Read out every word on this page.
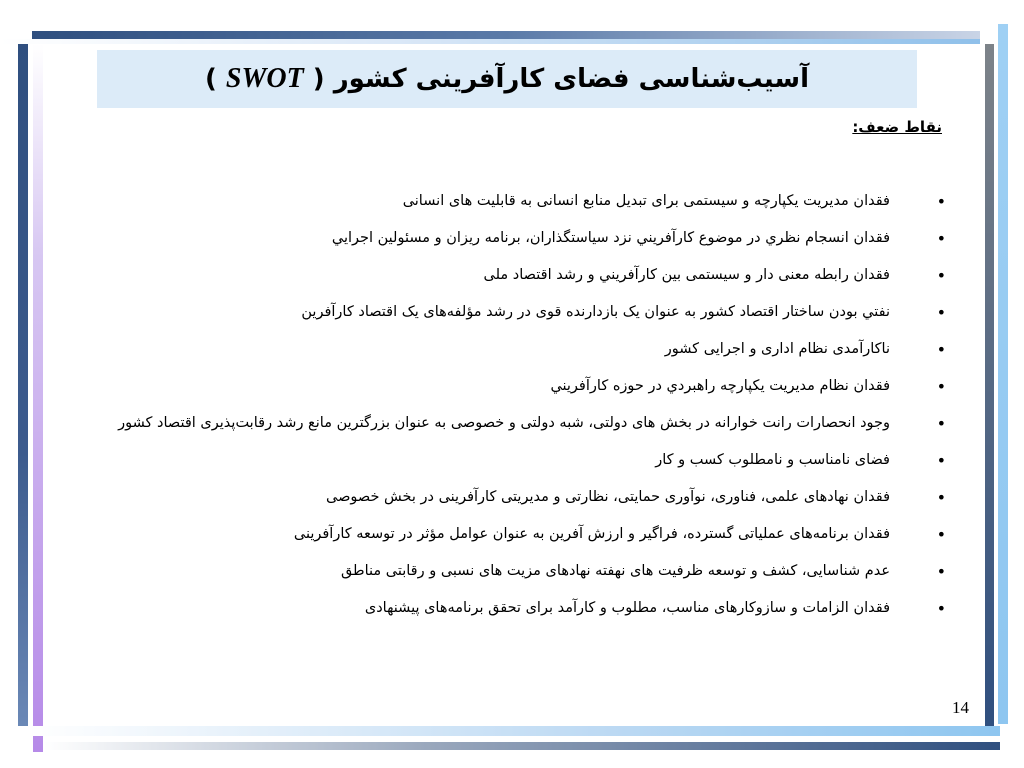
آسیب‌شناسی فضای کارآفرینی کشور ( SWOT )
نقاط ضعف:
•
فقدان مدیریت یکپارچه و سیستمی برای تبدیل منابع انسانی به قابلیت های انسانی
•
فقدان انسجام نظري در موضوع كارآفريني نزد سياستگذاران، برنامه ريزان و مسئولين اجرايي
•
فقدان رابطه معنی دار و سیستمی بين كارآفريني و رشد اقتصاد ملی
•
نفتي بودن ساختار اقتصاد كشور به عنوان يک بازدارنده قوی در رشد مؤلفه‌های يک اقتصاد كارآفرين
•
ناكارآمدی نظام اداری و اجرايی كشور
•
فقدان نظام مديريت يكپارچه راهبردي در حوزه كارآفريني
•
وجود انحصارات رانت خوارانه در بخش های دولتی، شبه دولتی و خصوصی به عنوان بزرگترين مانع رشد رقابت‌پذيری اقتصاد كشور
•
فضای نامناسب و نامطلوب کسب و کار
•
فقدان نهادهای علمی، فناوری، نوآوری حمایتی، نظارتی و مدیریتی کارآفرینی در بخش خصوصی
•
فقدان برنامه‌های عملیاتی گسترده، فراگیر و ارزش آفرین به عنوان عوامل مؤثر در توسعه کارآفرینی
•
عدم شناسایی، کشف و توسعه ظرفیت های نهفته نهادهای مزیت های نسبی و رقابتی مناطق
•
فقدان الزامات و سازوكارهای مناسب، مطلوب و كارآمد برای تحقق برنامه‌های پیشنهادی
14
